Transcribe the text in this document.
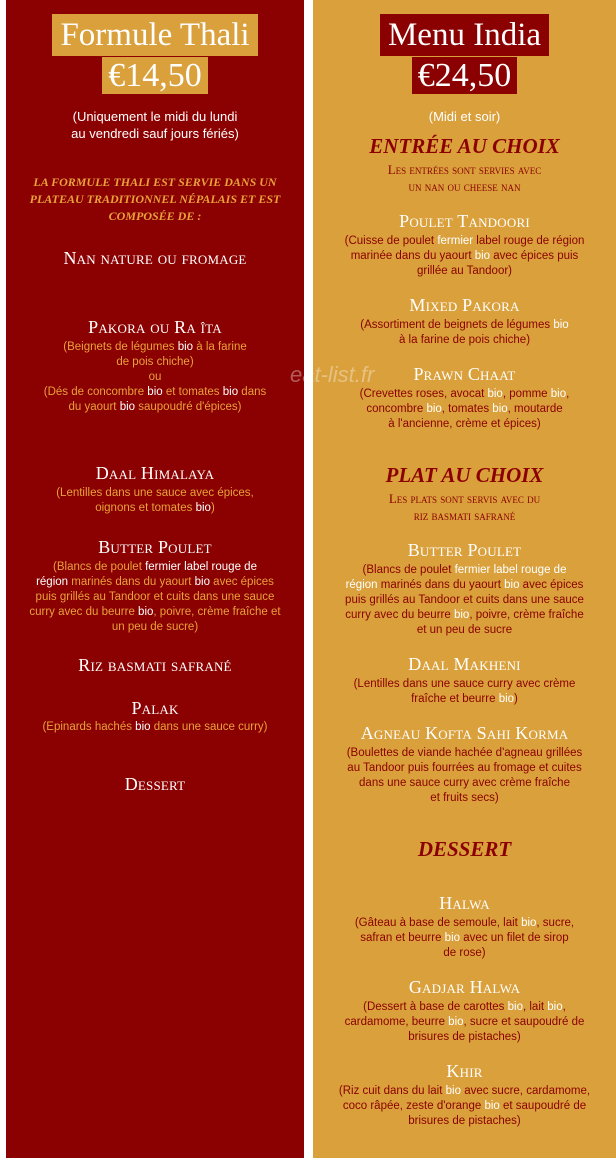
Formule Thali
€14,50
(Uniquement le midi du lundi
au vendredi sauf jours fériés)
LA FORMULE THALI EST SERVIE DANS UN
PLATEAU TRADITIONNEL NÉPALAIS ET EST
COMPOSÉE DE :
Nan nature ou fromage
Pakora ou Ra îta
(Beignets de légumes bio à la farine
de pois chiche)
ou
(Dés de concombre bio et tomates bio dans
du yaourt bio saupoudré d'épices)
Daal Himalaya
(Lentilles dans une sauce avec épices,
oignons et tomates bio)
Butter Poulet
(Blancs de poulet fermier label rouge de
région marinés dans du yaourt bio avec épices
puis grillés au Tandoor et cuits dans une sauce
curry avec du beurre bio, poivre, crème fraîche et
un peu de sucre)
Riz basmati safrané
Palak
(Epinards hachés bio dans une sauce curry)
Dessert
Menu India
€24,50
(Midi et soir)
ENTRÉE AU CHOIX
Les entrées sont servies avec
un nan ou cheese nan
Poulet Tandoori
(Cuisse de poulet fermier label rouge de région
marinée dans du yaourt bio avec épices puis
grillée au Tandoor)
Mixed Pakora
(Assortiment de beignets de légumes bio
à la farine de pois chiche)
Prawn Chaat
(Crevettes roses, avocat bio, pomme bio,
concombre bio, tomates bio, moutarde
à l'ancienne, crème et épices)
PLAT AU CHOIX
Les plats sont servis avec du
riz basmati safrané
Butter Poulet
(Blancs de poulet fermier label rouge de
région marinés dans du yaourt bio avec épices
puis grillés au Tandoor et cuits dans une sauce
curry avec du beurre bio, poivre, crème fraîche
et un peu de sucre
Daal Makheni
(Lentilles dans une sauce curry avec crème
fraîche et beurre bio)
Agneau Kofta Sahi Korma
(Boulettes de viande hachée d'agneau grillées
au Tandoor puis fourrées au fromage et cuites
dans une sauce curry avec crème fraîche
et fruits secs)
DESSERT
Halwa
(Gâteau à base de semoule, lait bio, sucre,
safran et beurre bio avec un filet de sirop
de rose)
Gadjar Halwa
(Dessert à base de carottes bio, lait bio,
cardamome, beurre bio, sucre et saupoudré de
brisures de pistaches)
Khir
(Riz cuit dans du lait bio avec sucre, cardamome,
coco râpée, zeste d'orange bio et saupoudré de
brisures de pistaches)
eat-list.fr
